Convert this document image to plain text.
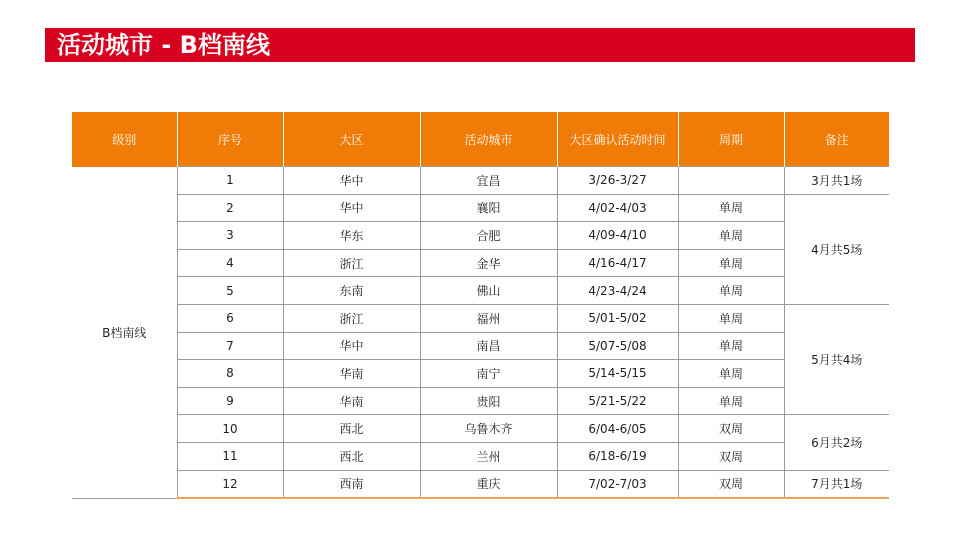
活动城市 - B档南线
级别	序号	大区	活动城市	大区确认活动时间	周期	备注
B档南线	1	华中	宜昌	3/26-3/27		3月共1场
	2	华中	襄阳	4/02-4/03	单周	4月共5场
	3	华东	合肥	4/09-4/10	单周	
	4	浙江	金华	4/16-4/17	单周	
	5	东南	佛山	4/23-4/24	单周	
	6	浙江	福州	5/01-5/02	单周	5月共4场
	7	华中	南昌	5/07-5/08	单周	
	8	华南	南宁	5/14-5/15	单周	
	9	华南	贵阳	5/21-5/22	单周	
	10	西北	乌鲁木齐	6/04-6/05	双周	6月共2场
	11	西北	兰州	6/18-6/19	双周	
	12	西南	重庆	7/02-7/03	双周	7月共1场
